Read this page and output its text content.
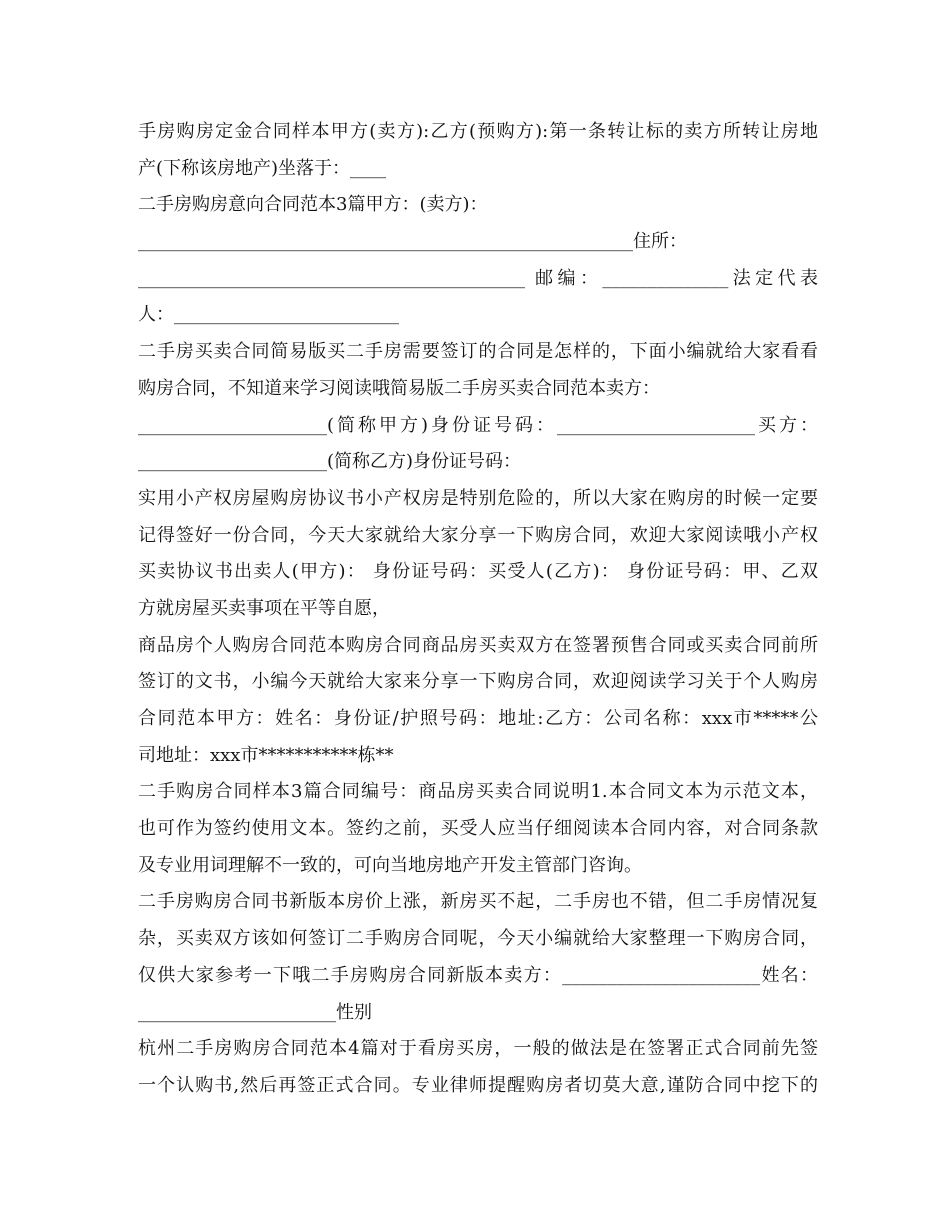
手房购房定金合同样本甲方(卖方):乙方(预购方):第一条转让标的卖方所转让房地
产(下称该房地产)坐落于：____
二手房购房意向合同范本3篇甲方：(卖方)：
_______________________________________________________住所：
___________________________________________ 邮编：______________法定代表
人：_________________________
二手房买卖合同简易版买二手房需要签订的合同是怎样的，下面小编就给大家看看
购房合同，不知道来学习阅读哦简易版二手房买卖合同范本卖方：
_____________________(简称甲方)身份证号码：______________________买方：
_____________________(简称乙方)身份证号码：
实用小产权房屋购房协议书小产权房是特别危险的，所以大家在购房的时候一定要
记得签好一份合同，今天大家就给大家分享一下购房合同，欢迎大家阅读哦小产权
买卖协议书出卖人(甲方)： 身份证号码：买受人(乙方)： 身份证号码：甲、乙双
方就房屋买卖事项在平等自愿，
商品房个人购房合同范本购房合同商品房买卖双方在签署预售合同或买卖合同前所
签订的文书，小编今天就给大家来分享一下购房合同，欢迎阅读学习关于个人购房
合同范本甲方：姓名：身份证/护照号码：地址:乙方：公司名称：xxx市*****公
司地址：xxx市***********栋**
二手购房合同样本3篇合同编号：商品房买卖合同说明1.本合同文本为示范文本，
也可作为签约使用文本。签约之前，买受人应当仔细阅读本合同内容，对合同条款
及专业用词理解不一致的，可向当地房地产开发主管部门咨询。
二手房购房合同书新版本房价上涨，新房买不起，二手房也不错，但二手房情况复
杂，买卖双方该如何签订二手购房合同呢，今天小编就给大家整理一下购房合同，
仅供大家参考一下哦二手房购房合同新版本卖方：______________________姓名：
______________________性别
杭州二手房购房合同范本4篇对于看房买房，一般的做法是在签署正式合同前先签
一个认购书,然后再签正式合同。专业律师提醒购房者切莫大意,谨防合同中挖下的
